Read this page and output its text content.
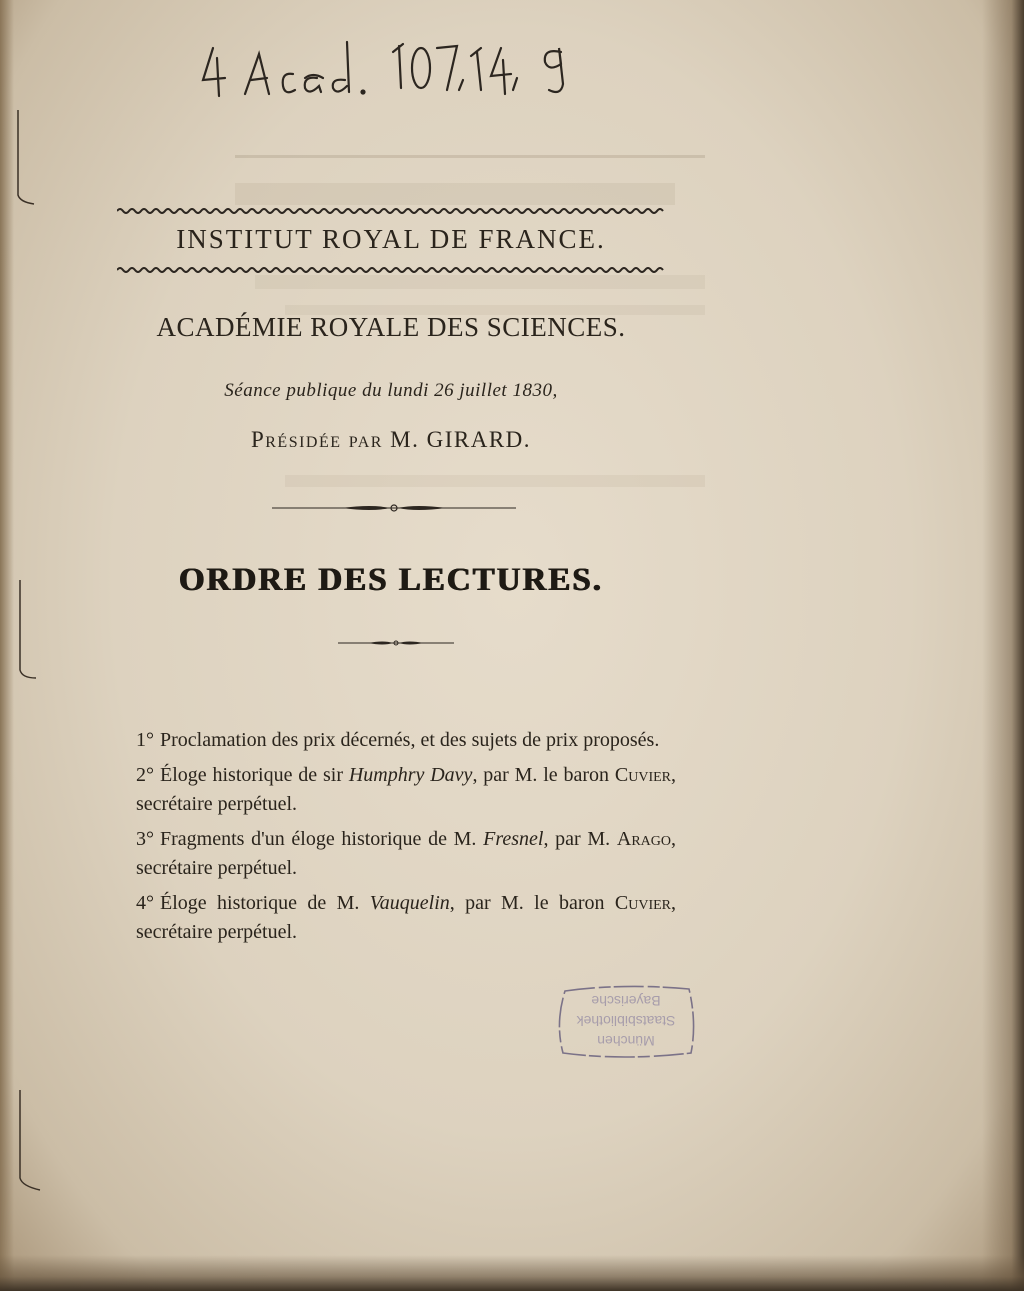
INSTITUT ROYAL DE FRANCE.
ACADÉMIE ROYALE DES SCIENCES.
Séance publique du lundi 26 juillet 1830,
Présidée par M. GIRARD.
ORDRE DES LECTURES.

1° Proclamation des prix décernés, et des sujets de prix proposés.

2° Éloge historique de sir Humphry Davy, par M. le baron Cuvier, secrétaire perpétuel.

3° Fragments d'un éloge historique de M. Fresnel, par M. Arago, secrétaire perpétuel.

4° Éloge historique de M. Vauquelin, par M. le baron Cuvier, secrétaire perpétuel.

Bayerische
Staatsbibliothek
München
